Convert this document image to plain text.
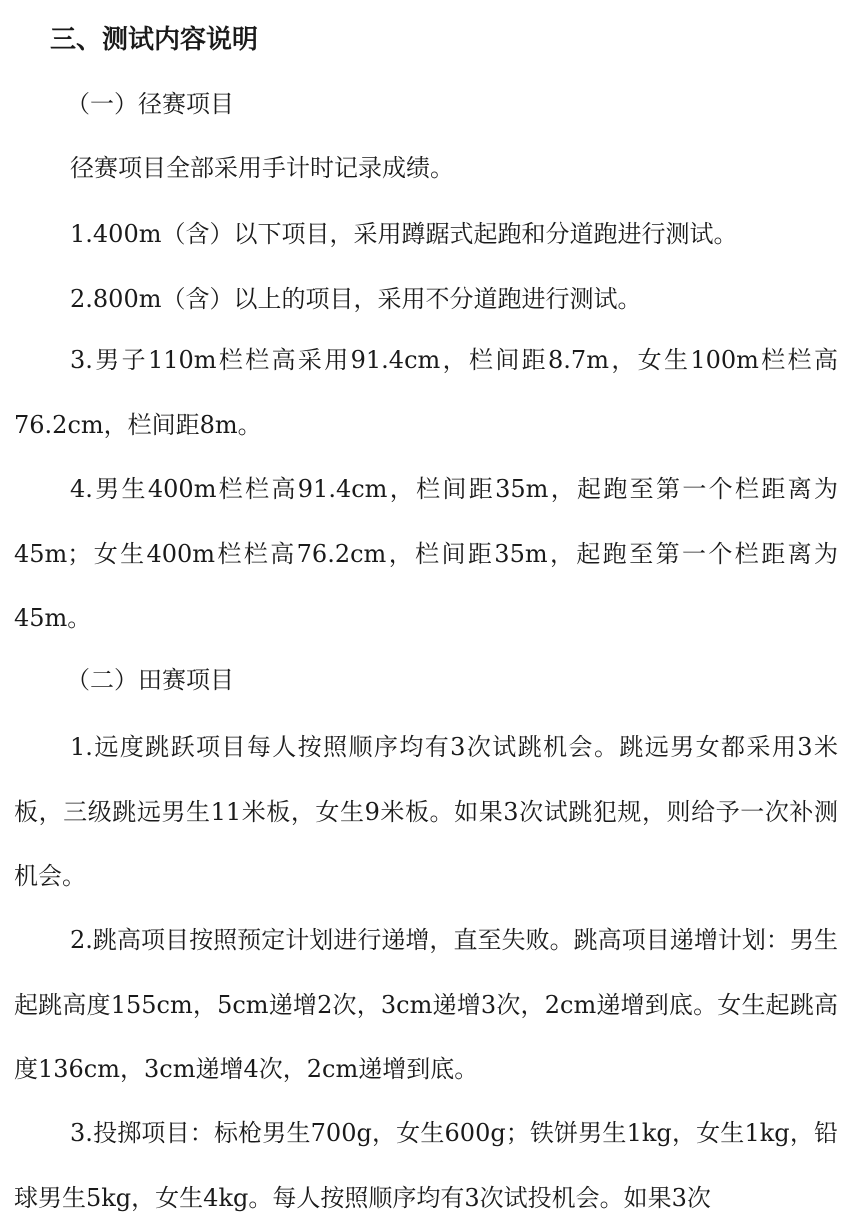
三、测试内容说明
（一）径赛项目
径赛项目全部采用手计时记录成绩。
1.400m（含）以下项目，采用蹲踞式起跑和分道跑进行测试。
2.800m（含）以上的项目，采用不分道跑进行测试。

3.男子110m栏栏高采用91.4cm，栏间距8.7m，女生100m栏栏高76.2cm，栏间距8m。

4.男生400m栏栏高91.4cm，栏间距35m，起跑至第一个栏距离为45m；女生400m栏栏高76.2cm，栏间距35m，起跑至第一个栏距离为45m。

（二）田赛项目

1.远度跳跃项目每人按照顺序均有3次试跳机会。跳远男女都采用3米板，三级跳远男生11米板，女生9米板。如果3次试跳犯规，则给予一次补测机会。

2.跳高项目按照预定计划进行递增，直至失败。跳高项目递增计划：男生起跳高度155cm，5cm递增2次，3cm递增3次，2cm递增到底。女生起跳高度136cm，3cm递增4次，2cm递增到底。

3.投掷项目：标枪男生700g，女生600g；铁饼男生1kg，女生1kg，铅球男生5kg，女生4kg。每人按照顺序均有3次试投机会。如果3次
